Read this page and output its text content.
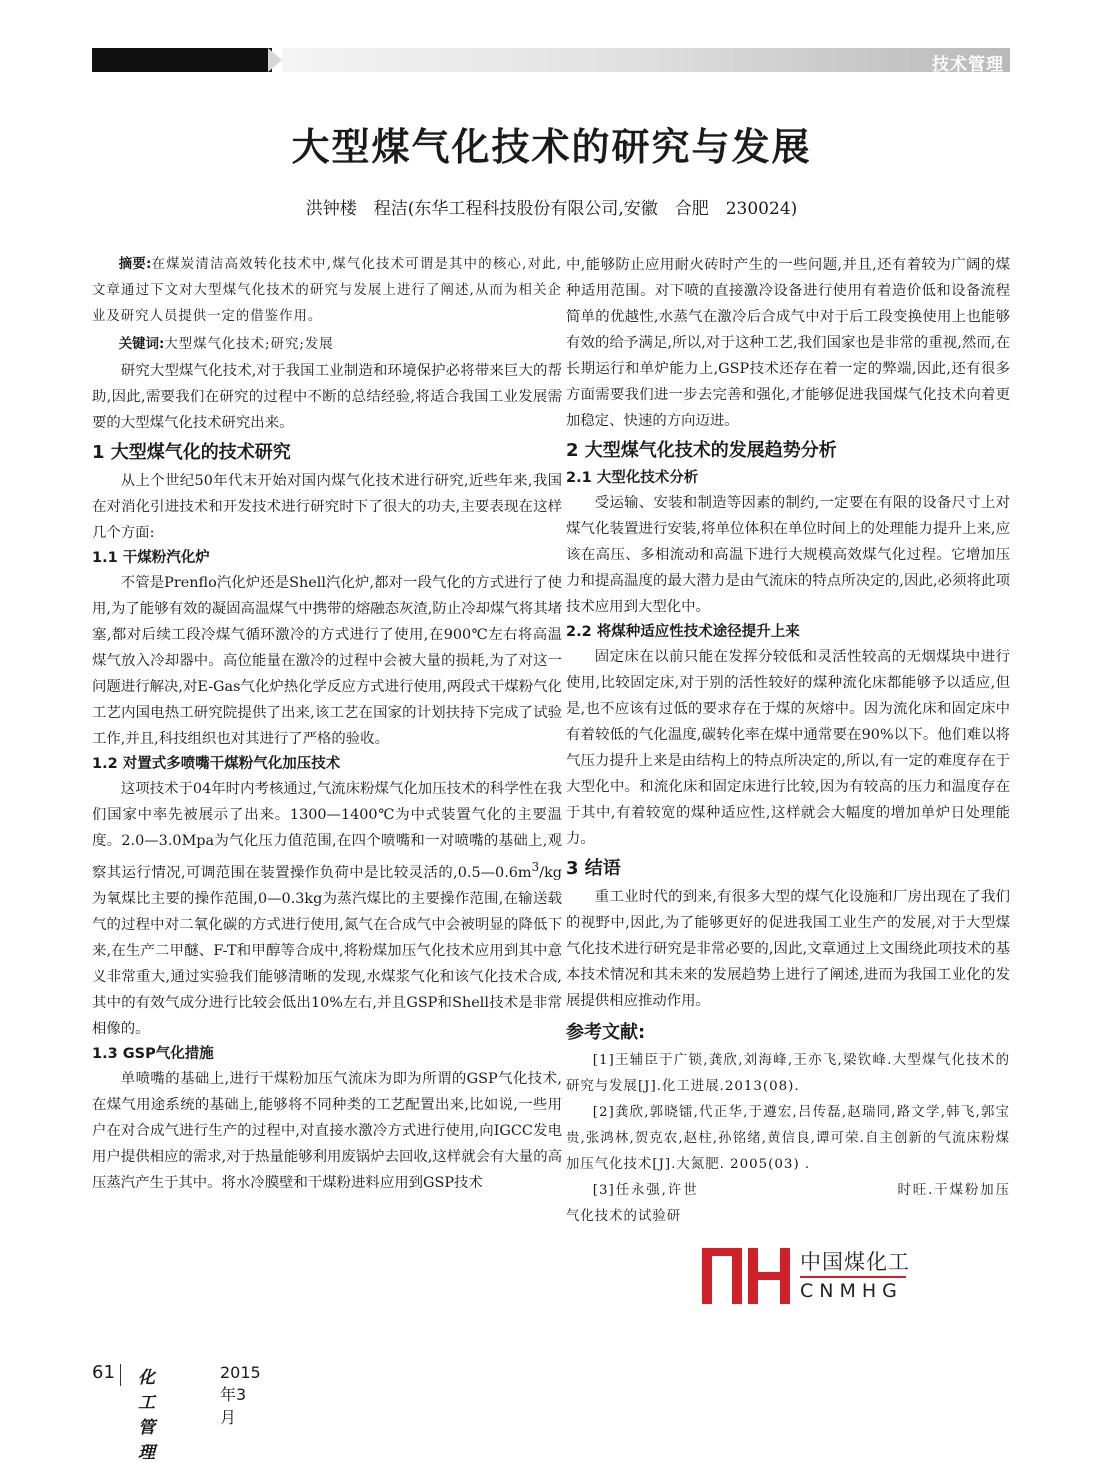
技术管理
大型煤气化技术的研究与发展

洪钟楼　程洁(东华工程科技股份有限公司,安徽　合肥　230024)

摘要:在煤炭清洁高效转化技术中,煤气化技术可谓是其中的核心,对此,文章通过下文对大型煤气化技术的研究与发展上进行了阐述,从而为相关企业及研究人员提供一定的借鉴作用。

关键词:大型煤气化技术;研究;发展

研究大型煤气化技术,对于我国工业制造和环境保护必将带来巨大的帮助,因此,需要我们在研究的过程中不断的总结经验,将适合我国工业发展需要的大型煤气化技术研究出来。

1 大型煤气化的技术研究

从上个世纪50年代末开始对国内煤气化技术进行研究,近些年来,我国在对消化引进技术和开发技术进行研究时下了很大的功夫,主要表现在这样几个方面:

1.1 干煤粉汽化炉

不管是Prenflo汽化炉还是Shell汽化炉,都对一段气化的方式进行了使用,为了能够有效的凝固高温煤气中携带的熔融态灰渣,防止冷却煤气将其堵塞,都对后续工段冷煤气循环激冷的方式进行了使用,在900℃左右将高温煤气放入冷却器中。高位能量在激冷的过程中会被大量的损耗,为了对这一问题进行解决,对E-Gas气化炉热化学反应方式进行使用,两段式干煤粉气化工艺内国电热工研究院提供了出来,该工艺在国家的计划扶持下完成了试验工作,并且,科技组织也对其进行了严格的验收。

1.2 对置式多喷嘴干煤粉气化加压技术

这项技术于04年时内考核通过,气流床粉煤气化加压技术的科学性在我们国家中率先被展示了出来。1300—1400℃为中式装置气化的主要温度。2.0—3.0Mpa为气化压力值范围,在四个喷嘴和一对喷嘴的基础上,观察其运行情况,可调范围在装置操作负荷中是比较灵活的$,0.5—0.6m^3/kg$为氧煤比主要的操作范围,0—0.3kg为蒸汽煤比的主要操作范围,在输送载气的过程中对二氧化碳的方式进行使用,氮气在合成气中会被明显的降低下来,在生产二甲醚、F-T和甲醇等合成中,将粉煤加压气化技术应用到其中意义非常重大,通过实验我们能够清晰的发现,水煤浆气化和该气化技术合成,其中的有效气成分进行比较会低出10%左右,并且GSP和Shell技术是非常相像的。

1.3 GSP气化措施

单喷嘴的基础上,进行干煤粉加压气流床为即为所谓的GSP气化技术,在煤气用途系统的基础上,能够将不同种类的工艺配置出来,比如说,一些用户在对合成气进行生产的过程中,对直接水激冷方式进行使用,向IGCC发电用户提供相应的需求,对于热量能够利用废锅炉去回收,这样就会有大量的高压蒸汽产生于其中。将水冷膜壁和干煤粉进料应用到GSP技术

中,能够防止应用耐火砖时产生的一些问题,并且,还有着较为广阔的煤种适用范围。对下喷的直接激冷设备进行使用有着造价低和设备流程简单的优越性,水蒸气在激冷后合成气中对于后工段变换使用上也能够有效的给予满足,所以,对于这种工艺,我们国家也是非常的重视,然而,在长期运行和单炉能力上,GSP技术还存在着一定的弊端,因此,还有很多方面需要我们进一步去完善和强化,才能够促进我国煤气化技术向着更加稳定、快速的方向迈进。

2 大型煤气化技术的发展趋势分析
2.1 大型化技术分析

受运输、安装和制造等因素的制约,一定要在有限的设备尺寸上对煤气化装置进行安装,将单位体积在单位时间上的处理能力提升上来,应该在高压、多相流动和高温下进行大规模高效煤气化过程。它增加压力和提高温度的最大潜力是由气流床的特点所决定的,因此,必须将此项技术应用到大型化中。

2.2 将煤种适应性技术途径提升上来

固定床在以前只能在发挥分较低和灵活性较高的无烟煤块中进行使用,比较固定床,对于别的活性较好的煤种流化床都能够予以适应,但是,也不应该有过低的要求存在于煤的灰熔中。因为流化床和固定床中有着较低的气化温度,碳转化率在煤中通常要在90%以下。他们难以将气压力提升上来是由结构上的特点所决定的,所以,有一定的难度存在于大型化中。和流化床和固定床进行比较,因为有较高的压力和温度存在于其中,有着较宽的煤种适应性,这样就会大幅度的增加单炉日处理能力。

3 结语

重工业时代的到来,有很多大型的煤气化设施和厂房出现在了我们的视野中,因此,为了能够更好的促进我国工业生产的发展,对于大型煤气化技术进行研究是非常必要的,因此,文章通过上文围绕此项技术的基本技术情况和其未来的发展趋势上进行了阐述,进而为我国工业化的发展提供相应推动作用。

参考文献:

[1]王辅臣于广锁,龚欣,刘海峰,王亦飞,梁钦峰.大型煤气化技术的研究与发展[J].化工进展.2013(08).

[2]龚欣,郭晓镭,代正华,于遵宏,吕传磊,赵瑞同,路文学,韩飞,郭宝贵,张鸿林,贺克农,赵柱,孙铭绪,黄信良,谭可荣.自主创新的气流床粉煤加压气化技术[J].大氮肥. 2005(03) .

[3]任永强,许世	时旺.干煤粉加压气化技术的试验研

中国煤化工
CNMHG
61 化工管理
2015年3月
